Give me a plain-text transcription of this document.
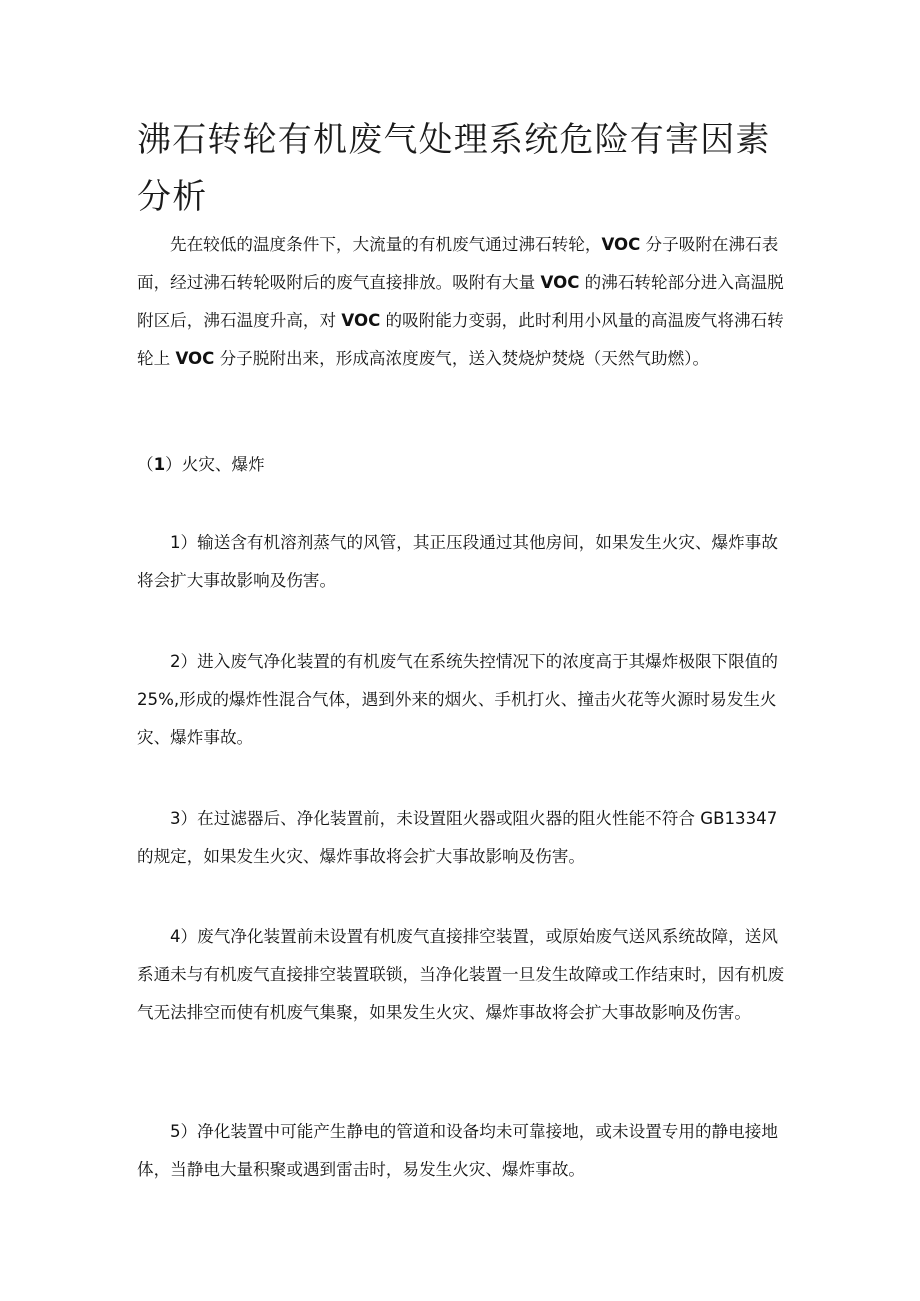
沸石转轮有机废气处理系统危险有害因素分析

先在较低的温度条件下，大流量的有机废气通过沸石转轮，VOC 分子吸附在沸石表面，经过沸石转轮吸附后的废气直接排放。吸附有大量 VOC 的沸石转轮部分进入高温脱附区后，沸石温度升高，对 VOC 的吸附能力变弱，此时利用小风量的高温废气将沸石转轮上 VOC 分子脱附出来，形成高浓度废气，送入焚烧炉焚烧（天然气助燃）。

（1）火灾、爆炸

1）输送含有机溶剂蒸气的风管，其正压段通过其他房间，如果发生火灾、爆炸事故将会扩大事故影响及伤害。

2）进入废气净化装置的有机废气在系统失控情况下的浓度高于其爆炸极限下限值的 25%,形成的爆炸性混合气体，遇到外来的烟火、手机打火、撞击火花等火源时易发生火灾、爆炸事故。

3）在过滤器后、净化装置前，未设置阻火器或阻火器的阻火性能不符合 GB13347 的规定，如果发生火灾、爆炸事故将会扩大事故影响及伤害。

4）废气净化装置前未设置有机废气直接排空装置，或原始废气送风系统故障，送风系通未与有机废气直接排空装置联锁，当净化装置一旦发生故障或工作结束时，因有机废气无法排空而使有机废气集聚，如果发生火灾、爆炸事故将会扩大事故影响及伤害。

5）净化装置中可能产生静电的管道和设备均未可靠接地，或未设置专用的静电接地体，当静电大量积聚或遇到雷击时，易发生火灾、爆炸事故。
